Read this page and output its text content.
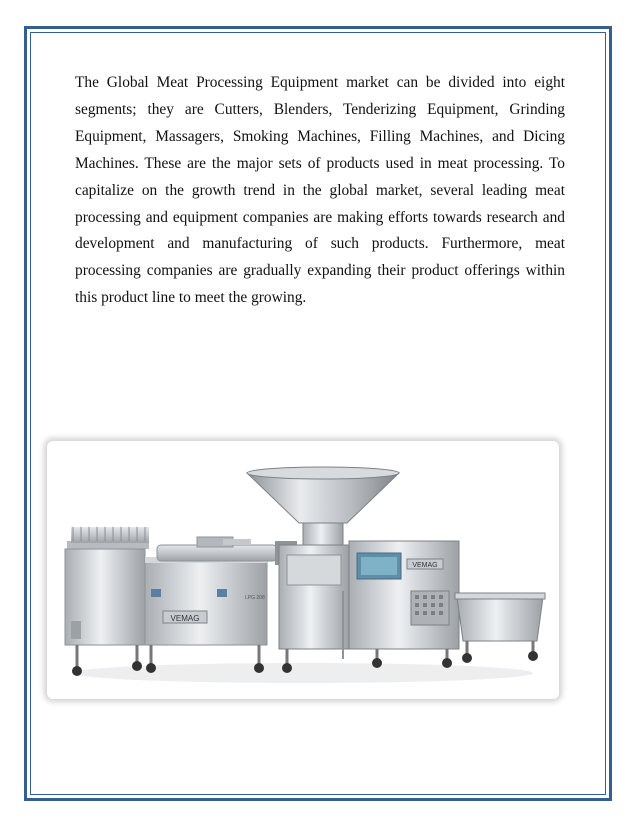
The Global Meat Processing Equipment market can be divided into eight segments; they are Cutters, Blenders, Tenderizing Equipment, Grinding Equipment, Massagers, Smoking Machines, Filling Machines, and Dicing Machines. These are the major sets of products used in meat processing. To capitalize on the growth trend in the global market, several leading meat processing and equipment companies are making efforts towards research and development and manufacturing of such products. Furthermore, meat processing companies are gradually expanding their product offerings within this product line to meet the growing.

VEMAG
LPG 208
VEMAG
